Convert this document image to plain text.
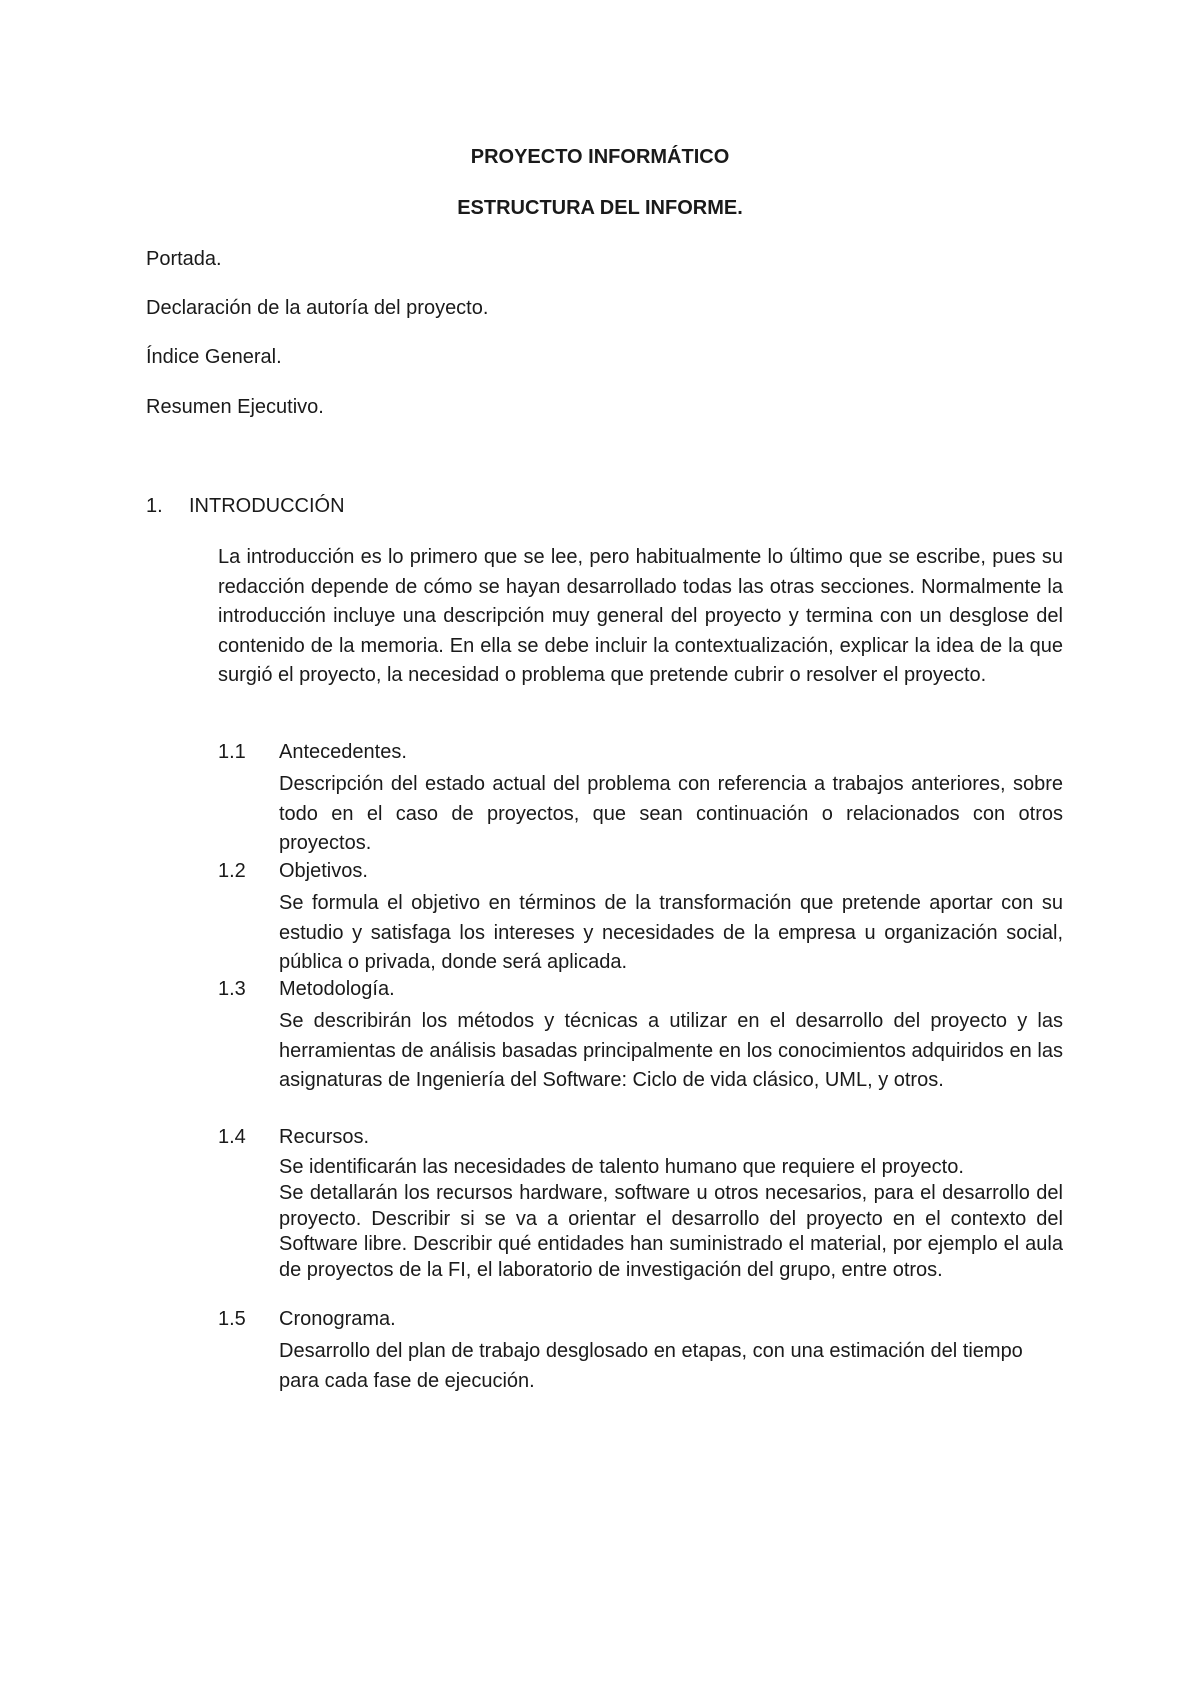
PROYECTO INFORMÁTICO
ESTRUCTURA DEL INFORME.
Portada.
Declaración de la autoría del proyecto.
Índice General.
Resumen Ejecutivo.
1. INTRODUCCIÓN
La introducción es lo primero que se lee, pero habitualmente lo último que se escribe, pues su redacción depende de cómo se hayan desarrollado todas las otras secciones. Normalmente la introducción incluye una descripción muy general del proyecto y termina con un desglose del contenido de la memoria. En ella se debe incluir la contextualización, explicar la idea de la que surgió el proyecto, la necesidad o problema que pretende cubrir o resolver el proyecto.
1.1 Antecedentes.

Descripción del estado actual del problema con referencia a trabajos anteriores, sobre todo en el caso de proyectos, que sean continuación o relacionados con otros proyectos.

1.2 Objetivos.

Se formula el objetivo en términos de la transformación que pretende aportar con su estudio y satisfaga los intereses y necesidades de la empresa u organización social, pública o privada, donde será aplicada.

1.3 Metodología.

Se describirán los métodos y técnicas a utilizar en el desarrollo del proyecto y las herramientas de análisis basadas principalmente en los conocimientos adquiridos en las asignaturas de Ingeniería del Software: Ciclo de vida clásico, UML, y otros.

1.4 Recursos.

Se identificarán las necesidades de talento humano que requiere el proyecto.

Se detallarán los recursos hardware, software u otros necesarios, para el desarrollo del proyecto. Describir si se va a orientar el desarrollo del proyecto en el contexto del Software libre. Describir qué entidades han suministrado el material, por ejemplo el aula de proyectos de la FI, el laboratorio de investigación del grupo, entre otros.

1.5 Cronograma.

Desarrollo del plan de trabajo desglosado en etapas, con una estimación del tiempo para cada fase de ejecución.
